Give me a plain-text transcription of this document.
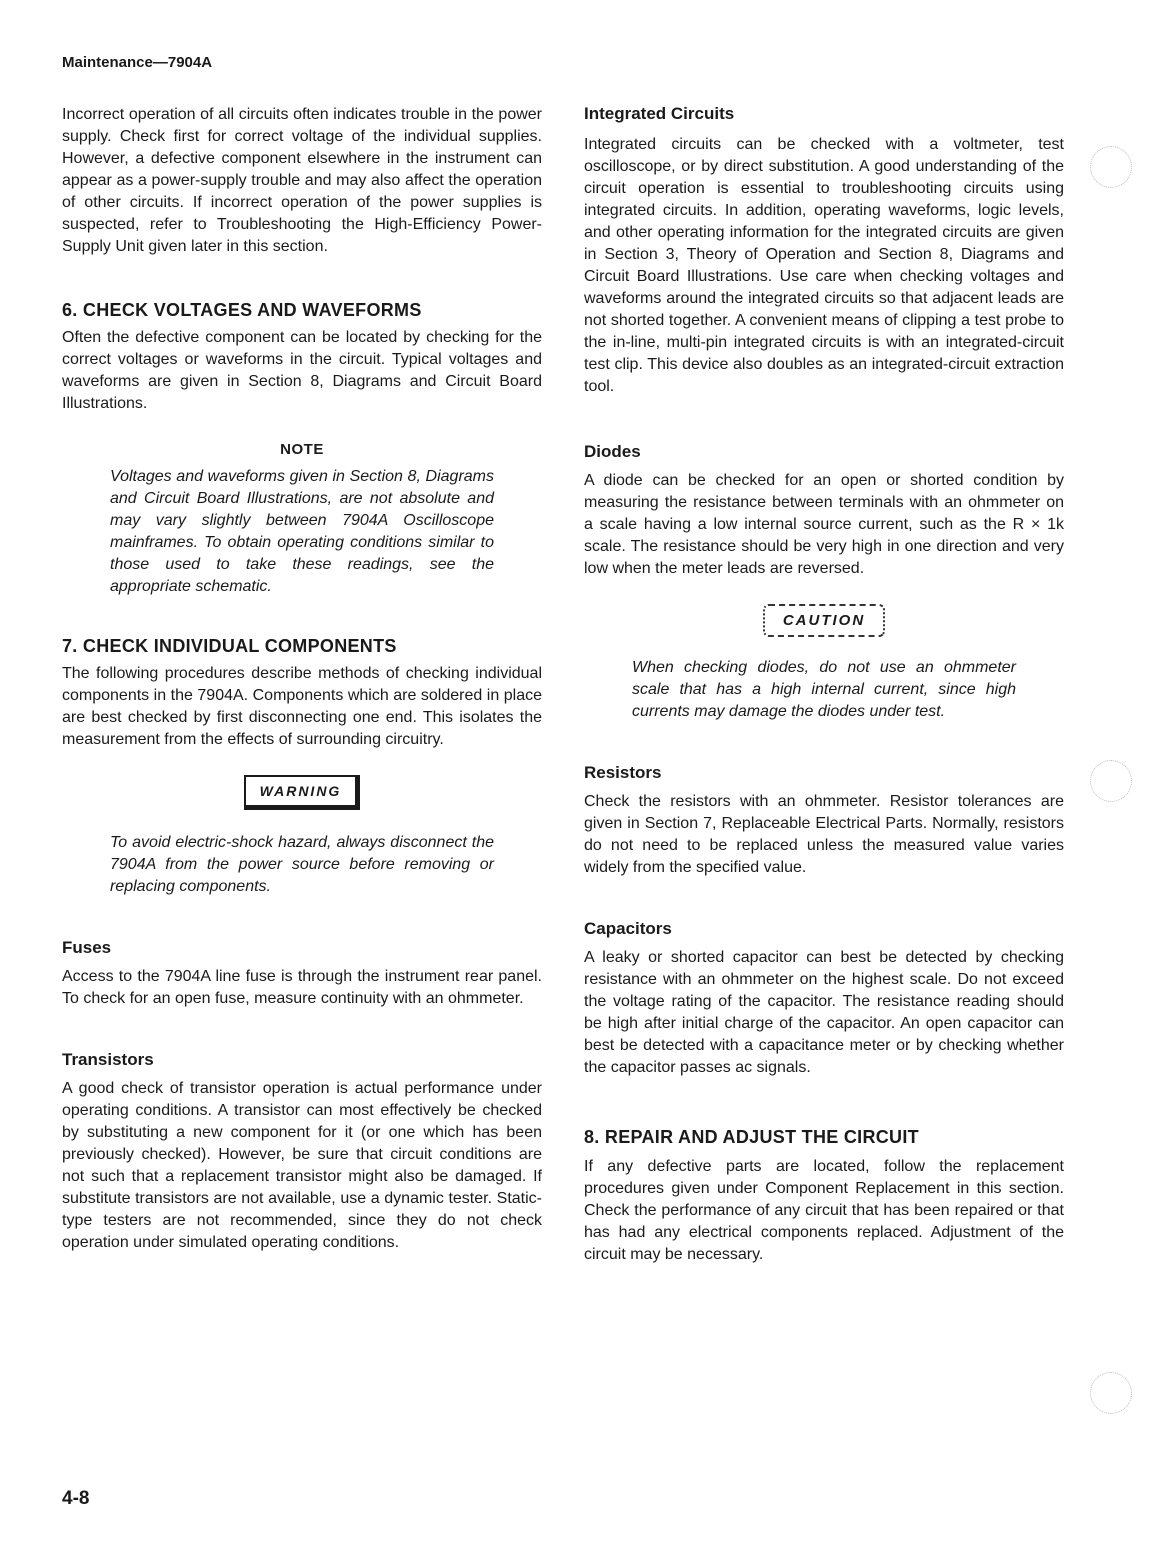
Maintenance—7904A

Incorrect operation of all circuits often indicates trouble in the power supply. Check first for correct voltage of the individual supplies. However, a defective component elsewhere in the instrument can appear as a power-supply trouble and may also affect the operation of other circuits. If incorrect operation of the power supplies is suspected, refer to Troubleshooting the High-Efficiency Power-Supply Unit given later in this section.

6. CHECK VOLTAGES AND WAVEFORMS

Often the defective component can be located by checking for the correct voltages or waveforms in the circuit. Typical voltages and waveforms are given in Section 8, Diagrams and Circuit Board Illustrations.

NOTE

Voltages and waveforms given in Section 8, Diagrams and Circuit Board Illustrations, are not absolute and may vary slightly between 7904A Oscilloscope mainframes. To obtain operating conditions similar to those used to take these readings, see the appropriate schematic.

7. CHECK INDIVIDUAL COMPONENTS

The following procedures describe methods of checking individual components in the 7904A. Components which are soldered in place are best checked by first disconnecting one end. This isolates the measurement from the effects of surrounding circuitry.

WARNING

To avoid electric-shock hazard, always disconnect the 7904A from the power source before removing or replacing components.

Fuses

Access to the 7904A line fuse is through the instrument rear panel. To check for an open fuse, measure continuity with an ohmmeter.

Transistors

A good check of transistor operation is actual performance under operating conditions. A transistor can most effectively be checked by substituting a new component for it (or one which has been previously checked). However, be sure that circuit conditions are not such that a replacement transistor might also be damaged. If substitute transistors are not available, use a dynamic tester. Static-type testers are not recommended, since they do not check operation under simulated operating conditions.

Integrated Circuits

Integrated circuits can be checked with a voltmeter, test oscilloscope, or by direct substitution. A good understanding of the circuit operation is essential to troubleshooting circuits using integrated circuits. In addition, operating waveforms, logic levels, and other operating information for the integrated circuits are given in Section 3, Theory of Operation and Section 8, Diagrams and Circuit Board Illustrations. Use care when checking voltages and waveforms around the integrated circuits so that adjacent leads are not shorted together. A convenient means of clipping a test probe to the in-line, multi-pin integrated circuits is with an integrated-circuit test clip. This device also doubles as an integrated-circuit extraction tool.

Diodes

A diode can be checked for an open or shorted condition by measuring the resistance between terminals with an ohmmeter on a scale having a low internal source current, such as the R × 1k scale. The resistance should be very high in one direction and very low when the meter leads are reversed.

CAUTION

When checking diodes, do not use an ohmmeter scale that has a high internal current, since high currents may damage the diodes under test.

Resistors

Check the resistors with an ohmmeter. Resistor tolerances are given in Section 7, Replaceable Electrical Parts. Normally, resistors do not need to be replaced unless the measured value varies widely from the specified value.

Capacitors

A leaky or shorted capacitor can best be detected by checking resistance with an ohmmeter on the highest scale. Do not exceed the voltage rating of the capacitor. The resistance reading should be high after initial charge of the capacitor. An open capacitor can best be detected with a capacitance meter or by checking whether the capacitor passes ac signals.

8. REPAIR AND ADJUST THE CIRCUIT

If any defective parts are located, follow the replacement procedures given under Component Replacement in this section. Check the performance of any circuit that has been repaired or that has had any electrical components replaced. Adjustment of the circuit may be necessary.

4-8
